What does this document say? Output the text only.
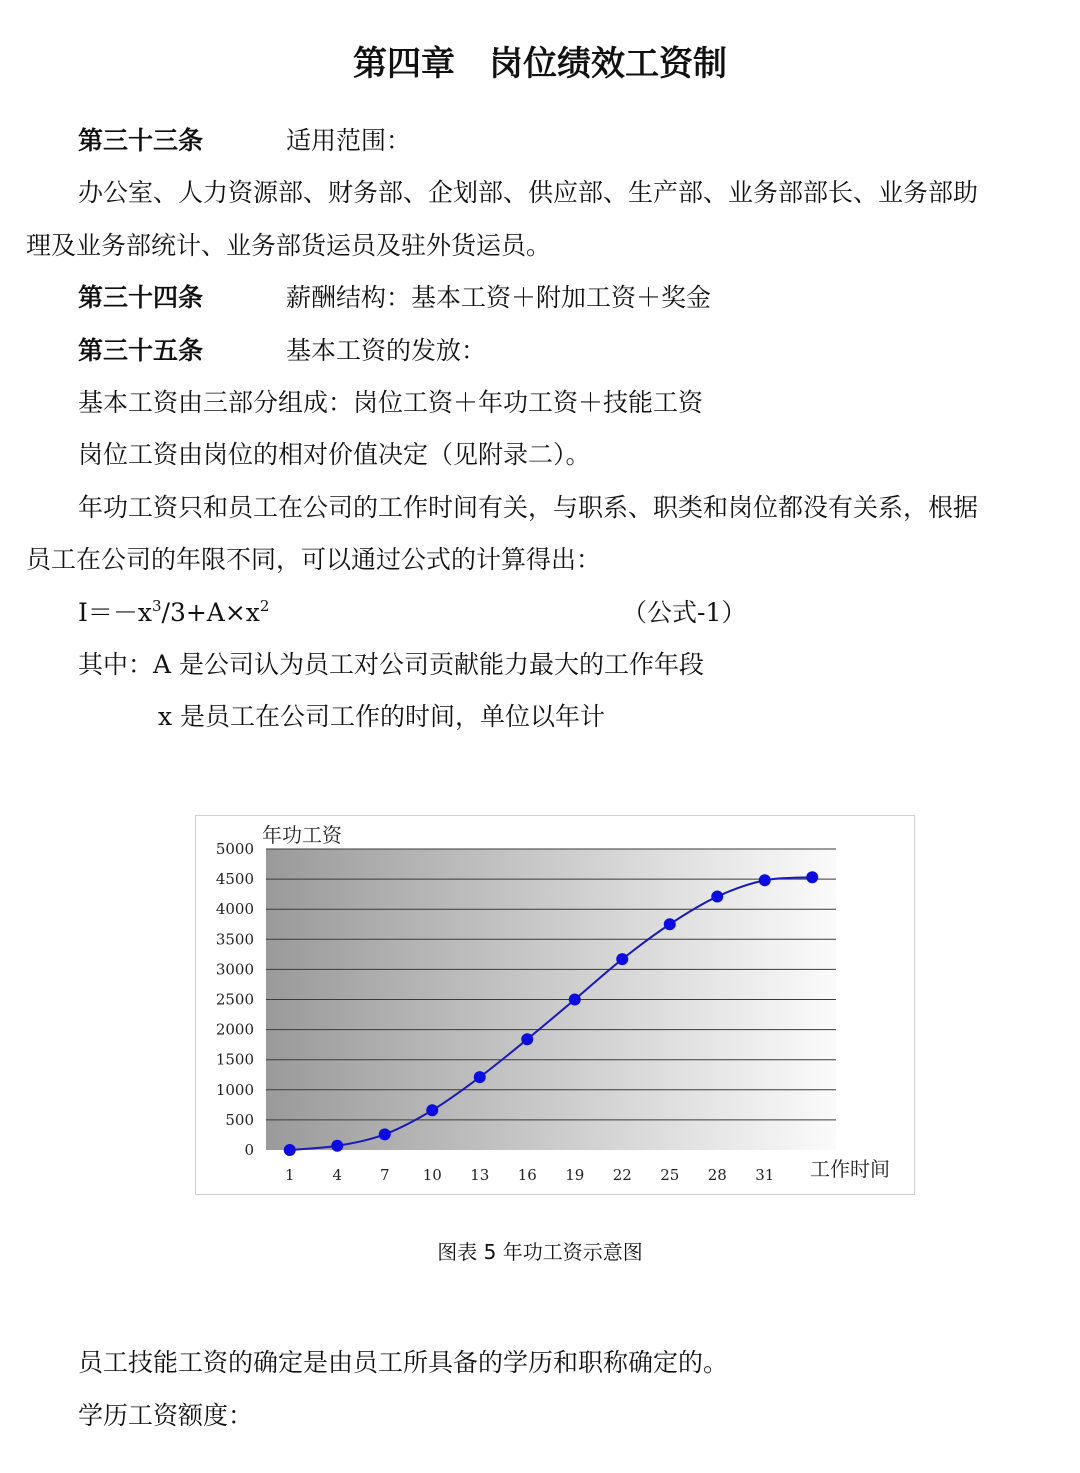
第四章　岗位绩效工资制
第三十三条	适用范围：
办公室、人力资源部、财务部、企划部、供应部、生产部、业务部部长、业务部助
理及业务部统计、业务部货运员及驻外货运员。
第三十四条	薪酬结构：基本工资＋附加工资＋奖金
第三十五条	基本工资的发放：
基本工资由三部分组成：岗位工资＋年功工资＋技能工资
岗位工资由岗位的相对价值决定（见附录二）。
年功工资只和员工在公司的工作时间有关，与职系、职类和岗位都没有关系，根据
员工在公司的年限不同，可以通过公式的计算得出：
$I=-x^3/3+A\times x^2$	（公式-1）
其中：A 是公司认为员工对公司贡献能力最大的工作年段
x 是员工在公司工作的时间，单位以年计
0
500
1000
1500
2000
2500
3000
3500
4000
4500
5000
1	4	7 10 13 16 19 22 25 28 31
年功工资
工作时间
图表 5 年功工资示意图
员工技能工资的确定是由员工所具备的学历和职称确定的。
学历工资额度：
